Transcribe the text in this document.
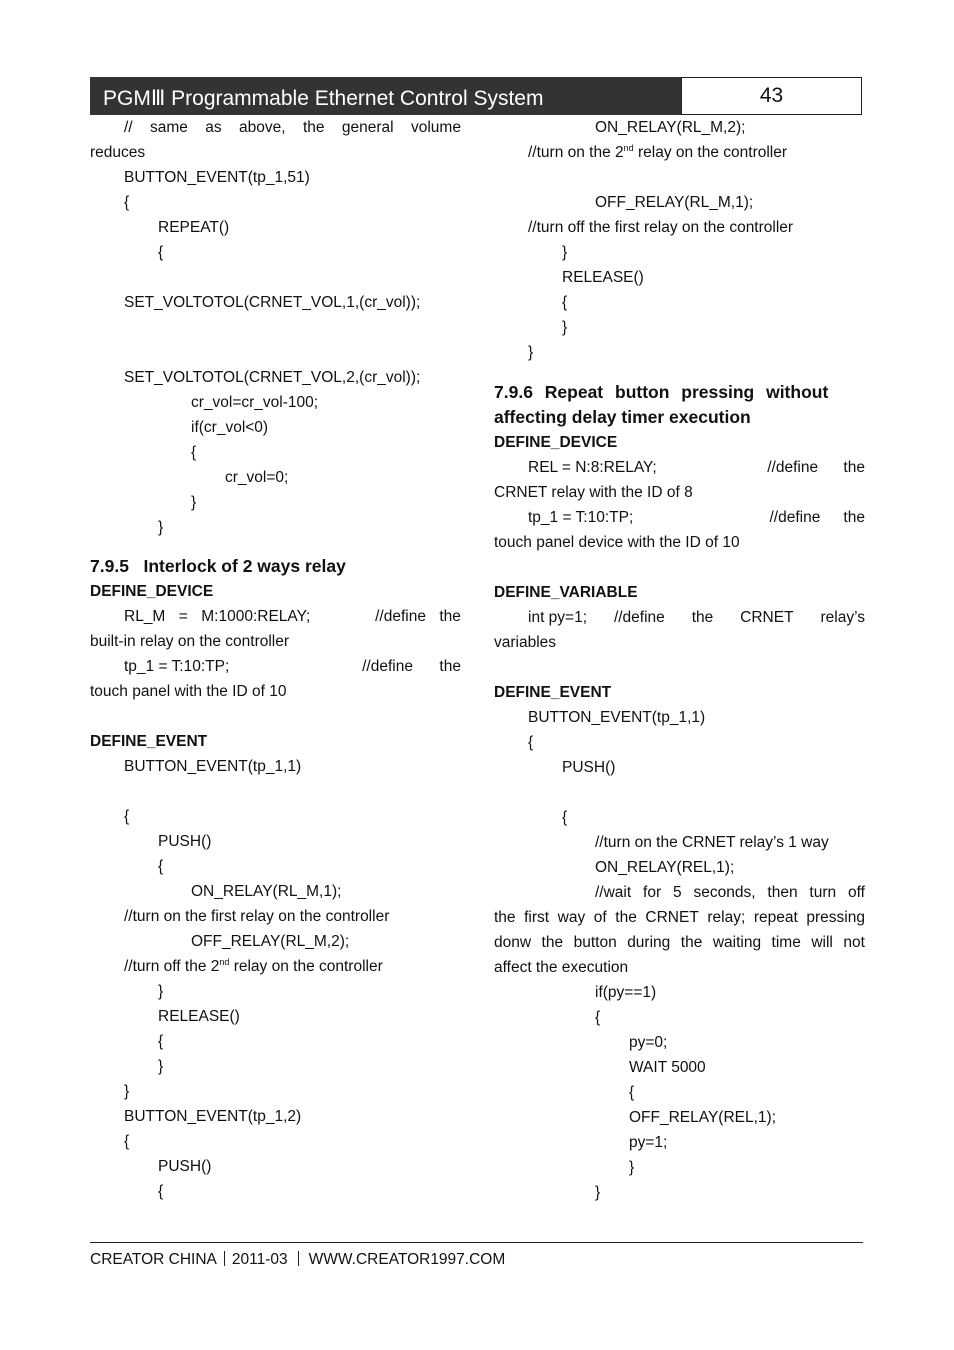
PGMⅢ Programmable Ethernet Control System	43
// same as above, the general volume
reduces
BUTTON_EVENT(tp_1,51)
{
REPEAT()
{
SET_VOLTOTOL(CRNET_VOL,1,(cr_vol));
SET_VOLTOTOL(CRNET_VOL,2,(cr_vol));
cr_vol=cr_vol-100;
if(cr_vol<0)
{
cr_vol=0;
}
}
7.9.5   Interlock of 2 ways relay
DEFINE_DEVICE
RL_M = M:1000:RELAY;	//define the
built-in relay on the controller
tp_1 = T:10:TP;	//define the
touch panel with the ID of 10
DEFINE_EVENT
BUTTON_EVENT(tp_1,1)
{
PUSH()
{
ON_RELAY(RL_M,1);
//turn on the first relay on the controller
OFF_RELAY(RL_M,2);
//turn off the 2nd relay on the controller
}
RELEASE()
{
}
}
BUTTON_EVENT(tp_1,2)
{
PUSH()
{
ON_RELAY(RL_M,2);
//turn on the 2nd relay on the controller
OFF_RELAY(RL_M,1);
//turn off the first relay on the controller
}
RELEASE()
{
}
}
7.9.6 Repeat button pressing without
affecting delay timer execution
DEFINE_DEVICE
REL = N:8:RELAY;	//define the
CRNET relay with the ID of 8
tp_1 = T:10:TP;	//define the
touch panel device with the ID of 10
DEFINE_VARIABLE
int py=1; //define the CRNET relay’s
variables
DEFINE_EVENT
BUTTON_EVENT(tp_1,1)
{
PUSH()
{
//turn on the CRNET relay’s 1 way
ON_RELAY(REL,1);
//wait for 5 seconds, then turn off
the first way of the CRNET relay; repeat pressing
donw the button during the waiting time will not
affect the execution
if(py==1)
{
py=0;
WAIT 5000
{
OFF_RELAY(REL,1);
py=1;
}
}
CREATOR CHINA 2011-03 WWW.CREATOR1997.COM
